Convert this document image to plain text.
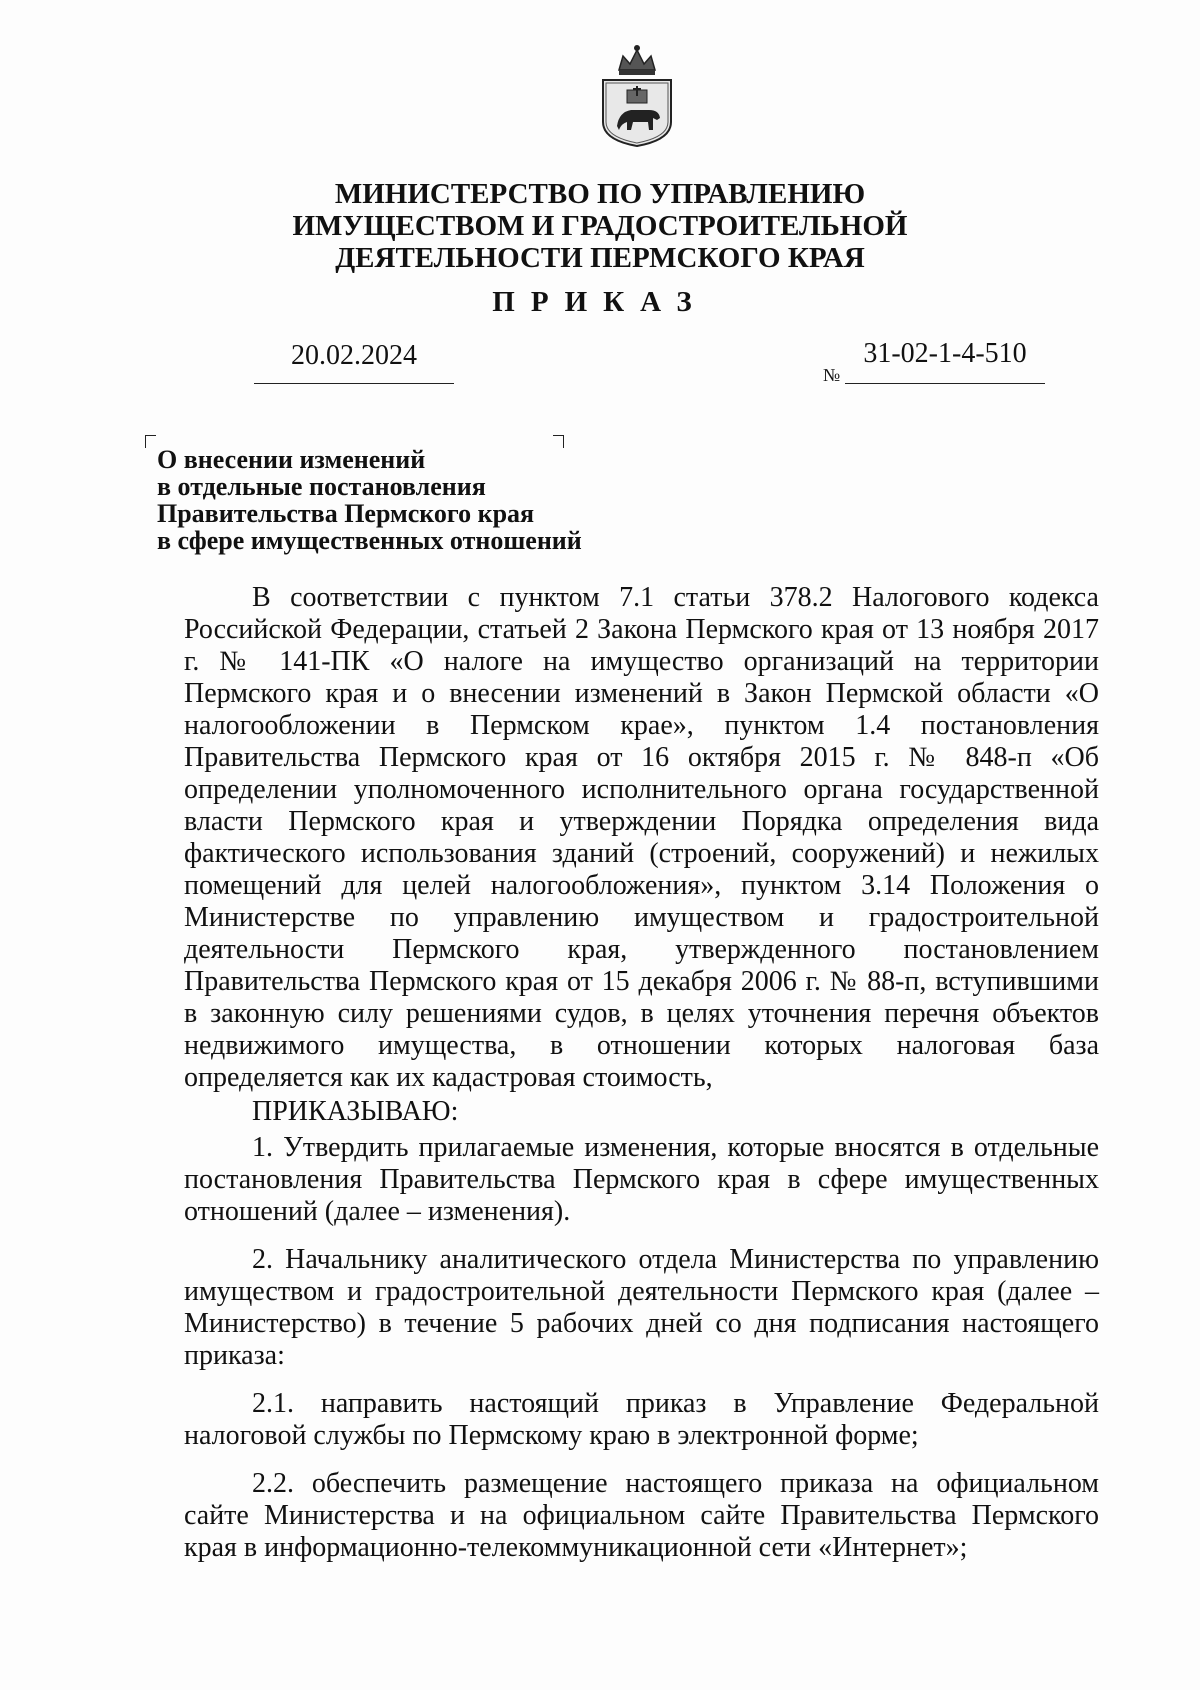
МИНИСТЕРСТВО ПО УПРАВЛЕНИЮ
ИМУЩЕСТВОМ И ГРАДОСТРОИТЕЛЬНОЙ
ДЕЯТЕЛЬНОСТИ ПЕРМСКОГО КРАЯ
ПРИКАЗ
20.02.2024
№
31-02-1-4-510
О внесении изменений
в отдельные постановления
Правительства Пермского края
в сфере имущественных отношений

В соответствии с пунктом 7.1 статьи 378.2 Налогового кодекса Российской Федерации, статьей 2 Закона Пермского края от 13 ноября 2017 г. № 141-ПК «О налоге на имущество организаций на территории Пермского края и о внесении изменений в Закон Пермской области «О налогообложении в Пермском крае», пунктом 1.4 постановления Правительства Пермского края от 16 октября 2015 г. № 848-п «Об определении уполномоченного исполнительного органа государственной власти Пермского края и утверждении Порядка определения вида фактического использования зданий (строений, сооружений) и нежилых помещений для целей налогообложения», пунктом 3.14 Положения о Министерстве по управлению имуществом и градостроительной деятельности Пермского края, утвержденного постановлением Правительства Пермского края от 15 декабря 2006 г. № 88-п, вступившими в законную силу решениями судов, в целях уточнения перечня объектов недвижимого имущества, в отношении которых налоговая база определяется как их кадастровая стоимость,

ПРИКАЗЫВАЮ:

1. Утвердить прилагаемые изменения, которые вносятся в отдельные постановления Правительства Пермского края в сфере имущественных отношений (далее – изменения).

2. Начальнику аналитического отдела Министерства по управлению имуществом и градостроительной деятельности Пермского края (далее – Министерство) в течение 5 рабочих дней со дня подписания настоящего приказа:

2.1. направить настоящий приказ в Управление Федеральной налоговой службы по Пермскому краю в электронной форме;

2.2. обеспечить размещение настоящего приказа на официальном сайте Министерства и на официальном сайте Правительства Пермского края в информационно-телекоммуникационной сети «Интернет»;
